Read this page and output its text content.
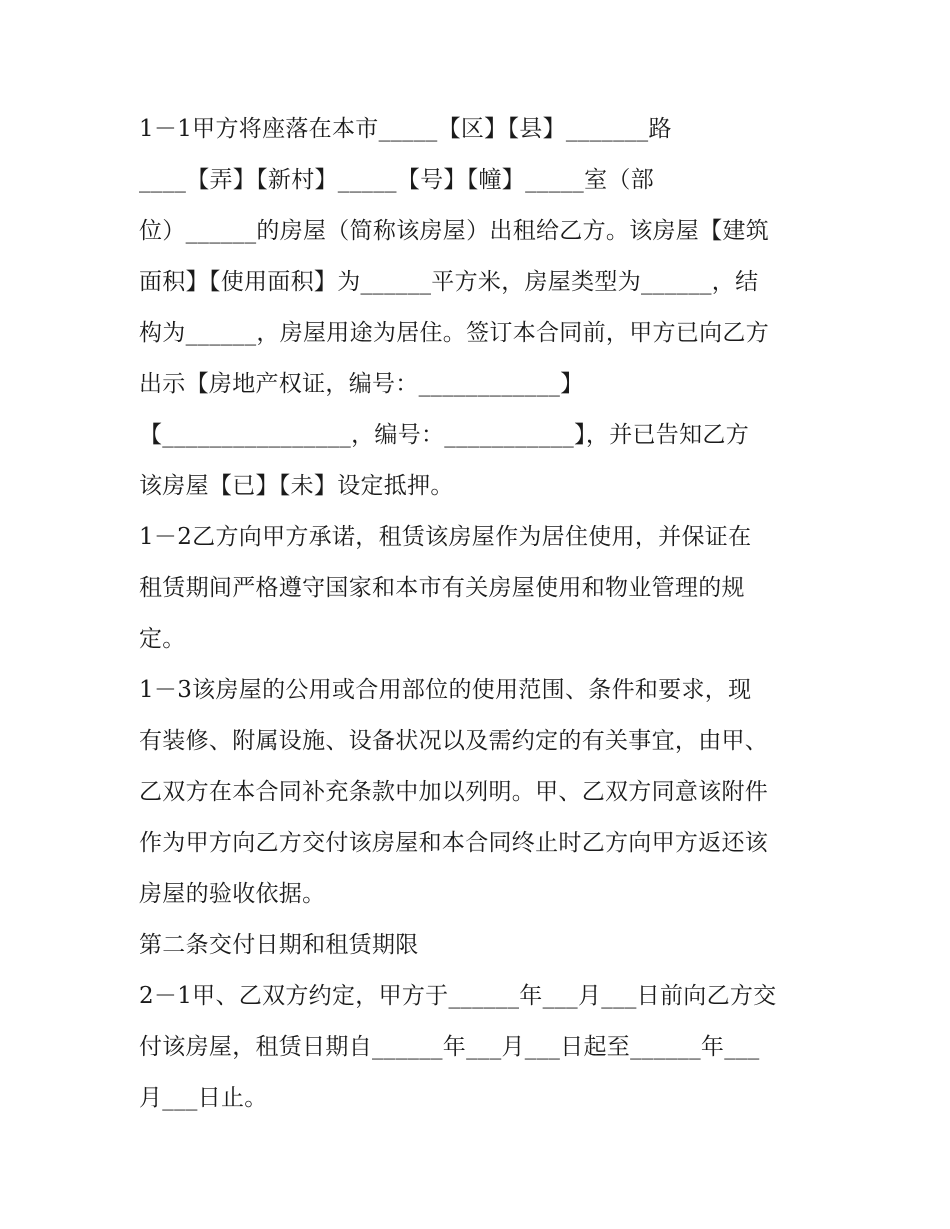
1－1甲方将座落在本市_____【区】【县】_______路
____【弄】【新村】_____【号】【幢】_____室（部
位）______的房屋（简称该房屋）出租给乙方。该房屋【建筑
面积】【使用面积】为______平方米，房屋类型为______，结
构为______，房屋用途为居住。签订本合同前，甲方已向乙方
出示【房地产权证，编号：____________】
【________________，编号：___________】，并已告知乙方
该房屋【已】【未】设定抵押。
1－2乙方向甲方承诺，租赁该房屋作为居住使用，并保证在
租赁期间严格遵守国家和本市有关房屋使用和物业管理的规
定。
1－3该房屋的公用或合用部位的使用范围、条件和要求，现
有装修、附属设施、设备状况以及需约定的有关事宜，由甲、
乙双方在本合同补充条款中加以列明。甲、乙双方同意该附件
作为甲方向乙方交付该房屋和本合同终止时乙方向甲方返还该
房屋的验收依据。
第二条交付日期和租赁期限
2－1甲、乙双方约定，甲方于______年___月___日前向乙方交
付该房屋，租赁日期自______年___月___日起至______年___
月___日止。
